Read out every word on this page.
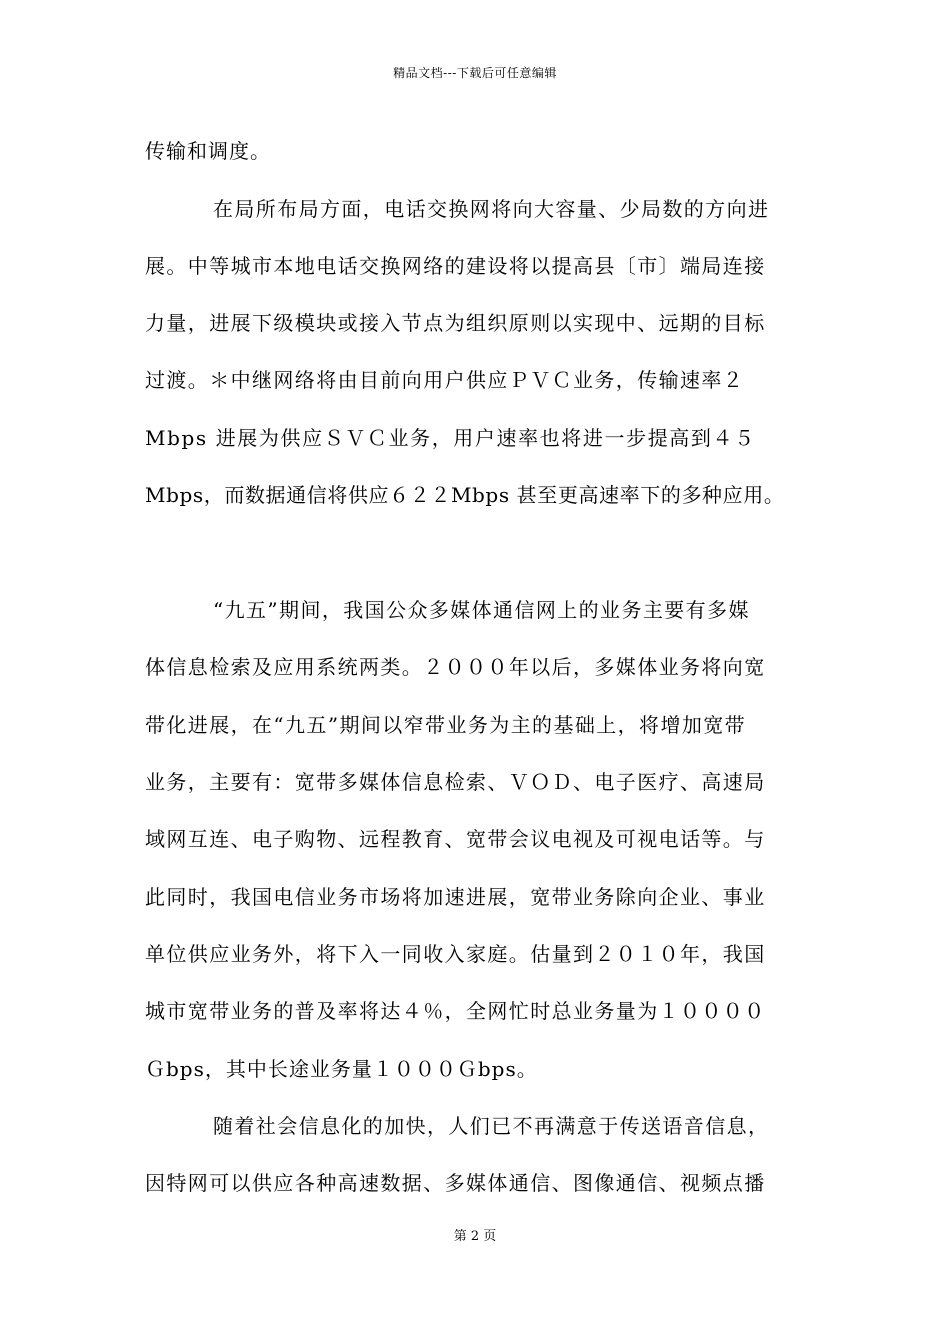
精品文档---下载后可任意编辑
传输和调度。
在局所布局方面，电话交换网将向大容量、少局数的方向进
展。中等城市本地电话交换网络的建设将以提高县〔市〕端局连接
力量，进展下级模块或接入节点为组织原则以实现中、远期的目标
过渡。＊中继网络将由目前向用户供应ＰＶＣ业务，传输速率２
Mbps 进展为供应ＳＶＣ业务，用户速率也将进一步提高到４５
Mbps，而数据通信将供应６２２Mbps 甚至更高速率下的多种应用。
“九五”期间，我国公众多媒体通信网上的业务主要有多媒
体信息检索及应用系统两类。２０００年以后，多媒体业务将向宽
带化进展，在“九五”期间以窄带业务为主的基础上，将增加宽带
业务，主要有：宽带多媒体信息检索、ＶＯＤ、电子医疗、高速局
域网互连、电子购物、远程教育、宽带会议电视及可视电话等。与
此同时，我国电信业务市场将加速进展，宽带业务除向企业、事业
单位供应业务外，将下入一同收入家庭。估量到２０１０年，我国
城市宽带业务的普及率将达４％，全网忙时总业务量为１００００
Ｇbps，其中长途业务量１０００Ｇbps。
随着社会信息化的加快，人们已不再满意于传送语音信息，
因特网可以供应各种高速数据、多媒体通信、图像通信、视频点播
第 2 页
